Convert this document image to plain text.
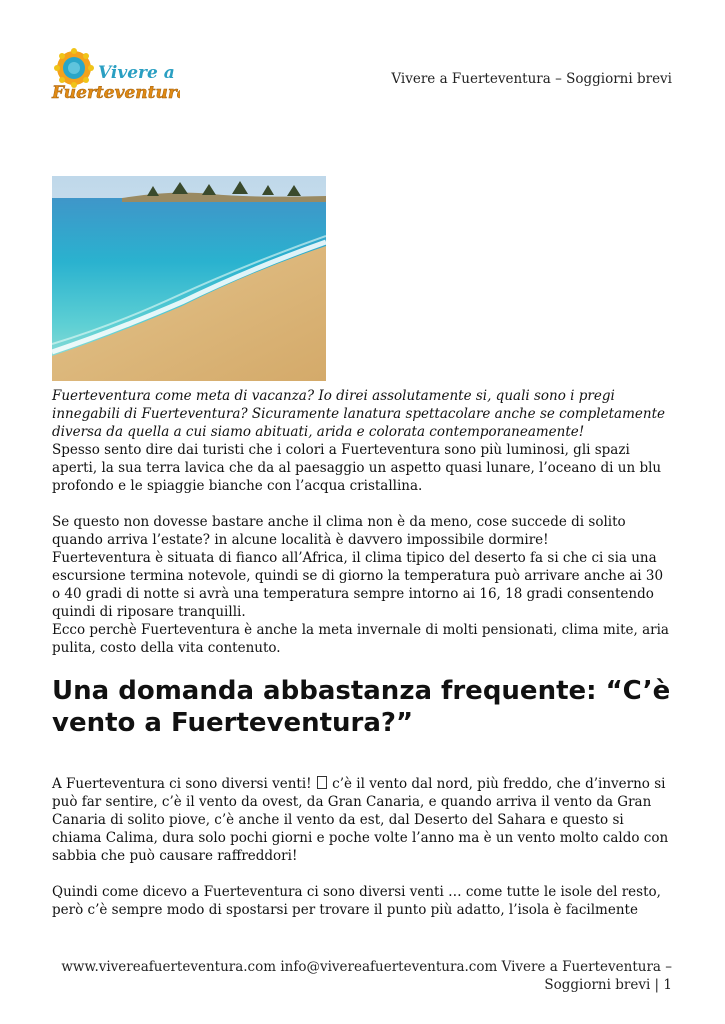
Vivere a
Fuerteventura
Vivere a Fuerteventura – Soggiorni brevi

Fuerteventura come meta di vacanza? Io direi assolutamente si, quali sono i pregi innegabili di Fuerteventura? Sicuramente lanatura spettacolare anche se completamente diversa da quella a cui siamo abituati, arida e colorata contemporaneamente!

Spesso sento dire dai turisti che i colori a Fuerteventura sono più luminosi, gli spazi aperti, la sua terra lavica che da al paesaggio un aspetto quasi lunare, l’oceano di un blu profondo e le spiaggie bianche con l’acqua cristallina.

Se questo non dovesse bastare anche il clima non è da meno, cose succede di solito quando arriva l’estate? in alcune località è davvero impossibile dormire!

Fuerteventura è situata di fianco all’Africa, il clima tipico del deserto fa si che ci sia una escursione termina notevole, quindi se di giorno la temperatura può arrivare anche ai 30 o 40 gradi di notte si avrà una temperatura sempre intorno ai 16, 18 gradi consentendo quindi di riposare tranquilli.

Ecco perchè Fuerteventura è anche la meta invernale di molti pensionati, clima mite, aria pulita, costo della vita contenuto.

Una domanda abbastanza frequente: “C’è vento a Fuerteventura?”

A Fuerteventura ci sono diversi venti! c’è il vento dal nord, più freddo, che d’inverno si può far sentire, c’è il vento da ovest, da Gran Canaria, e quando arriva il vento da Gran Canaria di solito piove, c’è anche il vento da est, dal Deserto del Sahara e questo si chiama Calima, dura solo pochi giorni e poche volte l’anno ma è un vento molto caldo con sabbia che può causare raffreddori!

Quindi come dicevo a Fuerteventura ci sono diversi venti … come tutte le isole del resto, però c’è sempre modo di spostarsi per trovare il punto più adatto, l’isola è facilmente

www.vivereafuerteventura.com info@vivereafuerteventura.com Vivere a Fuerteventura – Soggiorni brevi | 1
